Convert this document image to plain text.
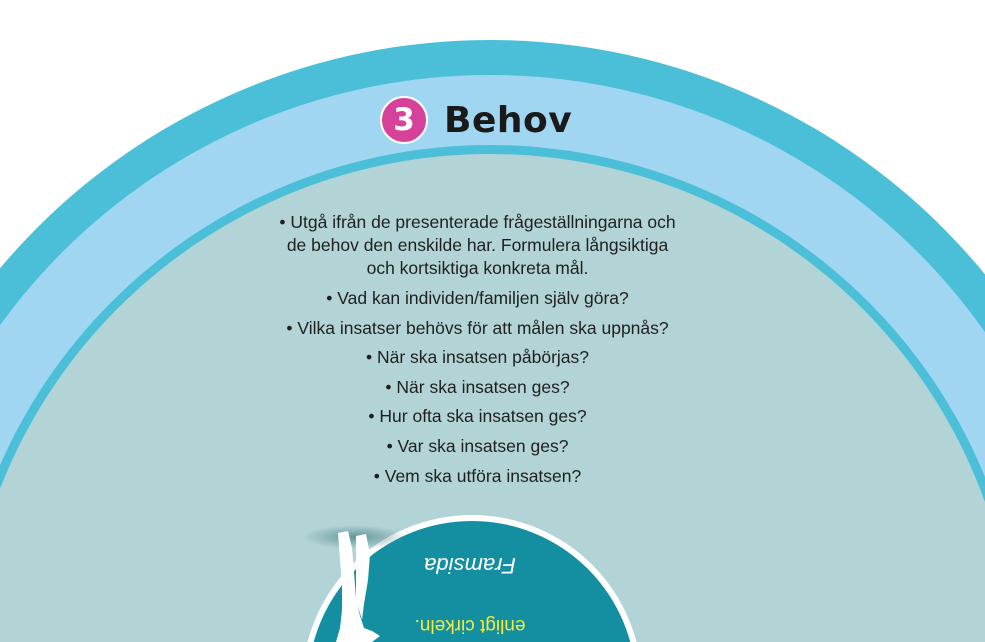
3 Behov
• Utgå ifrån de presenterade frågeställningarna och
de behov den enskilde har. Formulera långsiktiga
och kortsiktiga konkreta mål.
• Vad kan individen/familjen själv göra?
• Vilka insatser behövs för att målen ska uppnås?
• När ska insatsen påbörjas?
• När ska insatsen ges?
• Hur ofta ska insatsen ges?
• Var ska insatsen ges?
• Vem ska utföra insatsen?
Framsida
enligt cirkeln.
